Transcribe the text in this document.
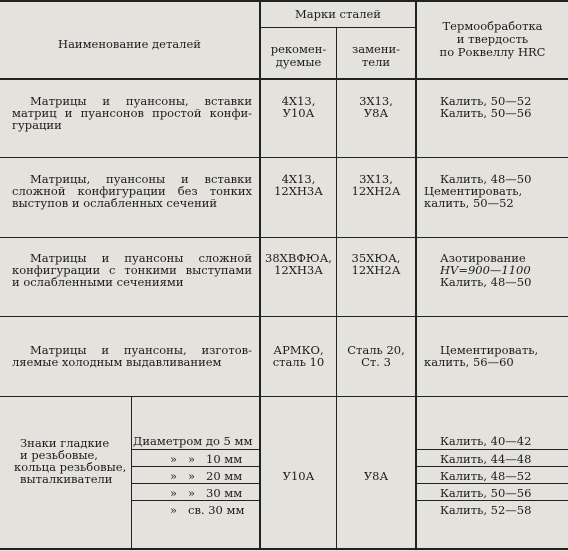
Наименование деталей
Марки сталей
рекомен-
дуемые
замени-
тели
Термообработка
и твердость
по Роквеллу HRC
Матрицы и пуансоны, вставки
матриц и пуансонов простой конфи-
гурации
4Х13,
У10А
3Х13,
У8А
Калить, 50—52
Калить, 50—56
Матрицы, пуансоны и вставки
сложной конфигурации без тонких
выступов и ослабленных сечений
4Х13,
12ХН3А
3Х13,
12ХН2А
Калить, 48—50
Цементировать,
калить, 50—52
Матрицы и пуансоны сложной
конфигурации с тонкими выступами
и ослабленными сечениями
38ХВФЮА,
12ХН3А
35ХЮА,
12ХН2А
Азотирование
HV=900—1100
Калить, 48—50
Матрицы и пуансоны, изготов-
ляемые холодным выдавливанием
АРМКО,
сталь 10
Сталь 20,
Ст. 3
Цементировать,
калить, 56—60
Знаки гладкие
и резьбовые,
кольца резьбовые,
выталкиватели
Диаметром до 5 мм
»   »   10 мм
»   »   20 мм
»   »   30 мм
»   св. 30 мм
У10А	У8А
Калить, 40—42
Калить, 44—48
Калить, 48—52
Калить, 50—56
Калить, 52—58
